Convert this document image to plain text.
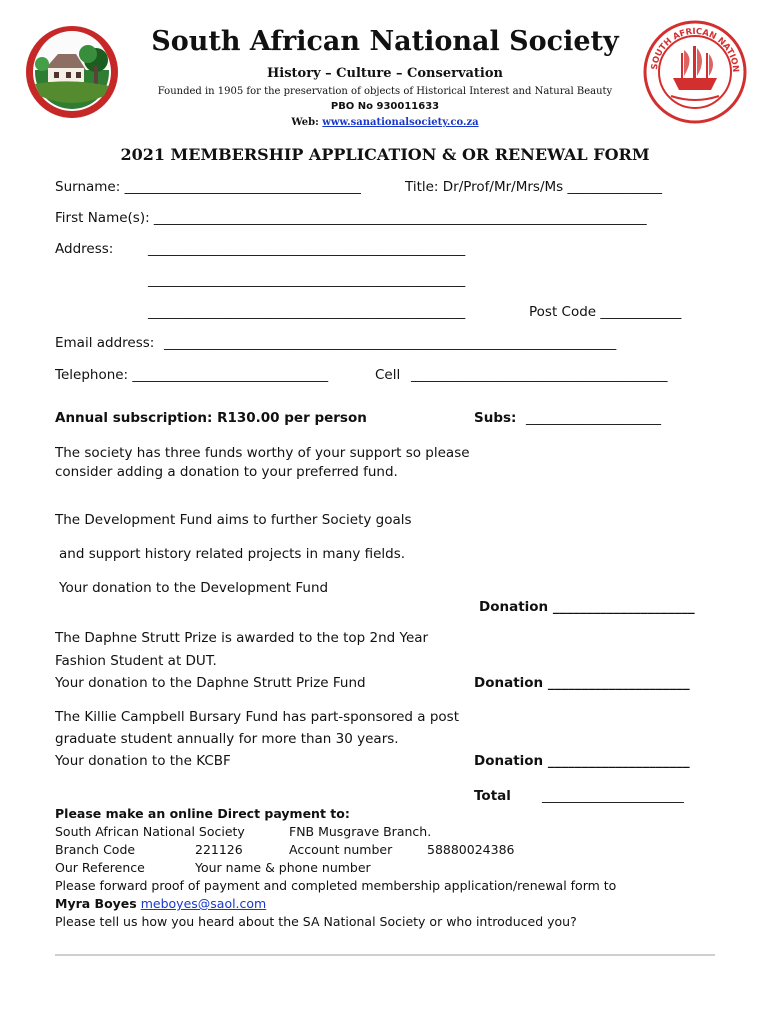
SOUTH AFRICAN NATION
South African National Society
History – Culture – Conservation
Founded in 1905 for the preservation of objects of Historical Interest and Natural Beauty
PBO No 930011633
Web: www.sanationalsociety.co.za
2021 MEMBERSHIP APPLICATION & OR RENEWAL FORM
Surname: ___________________________________	Title: Dr/Prof/Mr/Mrs/Ms ______________
First Name(s): _________________________________________________________________________
Address:	_______________________________________________
_______________________________________________
_______________________________________________	Post Code ____________
Email address: ___________________________________________________________________
Telephone: _____________________________	Cell ______________________________________
Annual subscription: R130.00 per person	Subs: ____________________
The society has three funds worthy of your support so please
consider adding a donation to your preferred fund.
The Development Fund aims to further Society goals
and support history related projects in many fields.
Your donation to the Development Fund
Donation _____________________
The Daphne Strutt Prize is awarded to the top 2nd Year
Fashion Student at DUT.
Your donation to the Daphne Strutt Prize Fund	Donation _____________________
The Killie Campbell Bursary Fund has part-sponsored a post
graduate student annually for more than 30 years.
Your donation to the KCBF	Donation _____________________
Total _____________________
Please make an online Direct payment to:
South African National Society	FNB Musgrave Branch.
Branch Code	221126	Account number	58880024386
Our Reference	Your name & phone number
Please forward proof of payment and completed membership application/renewal form to
Myra Boyes meboyes@saol.com
Please tell us how you heard about the SA National Society or who introduced you?
